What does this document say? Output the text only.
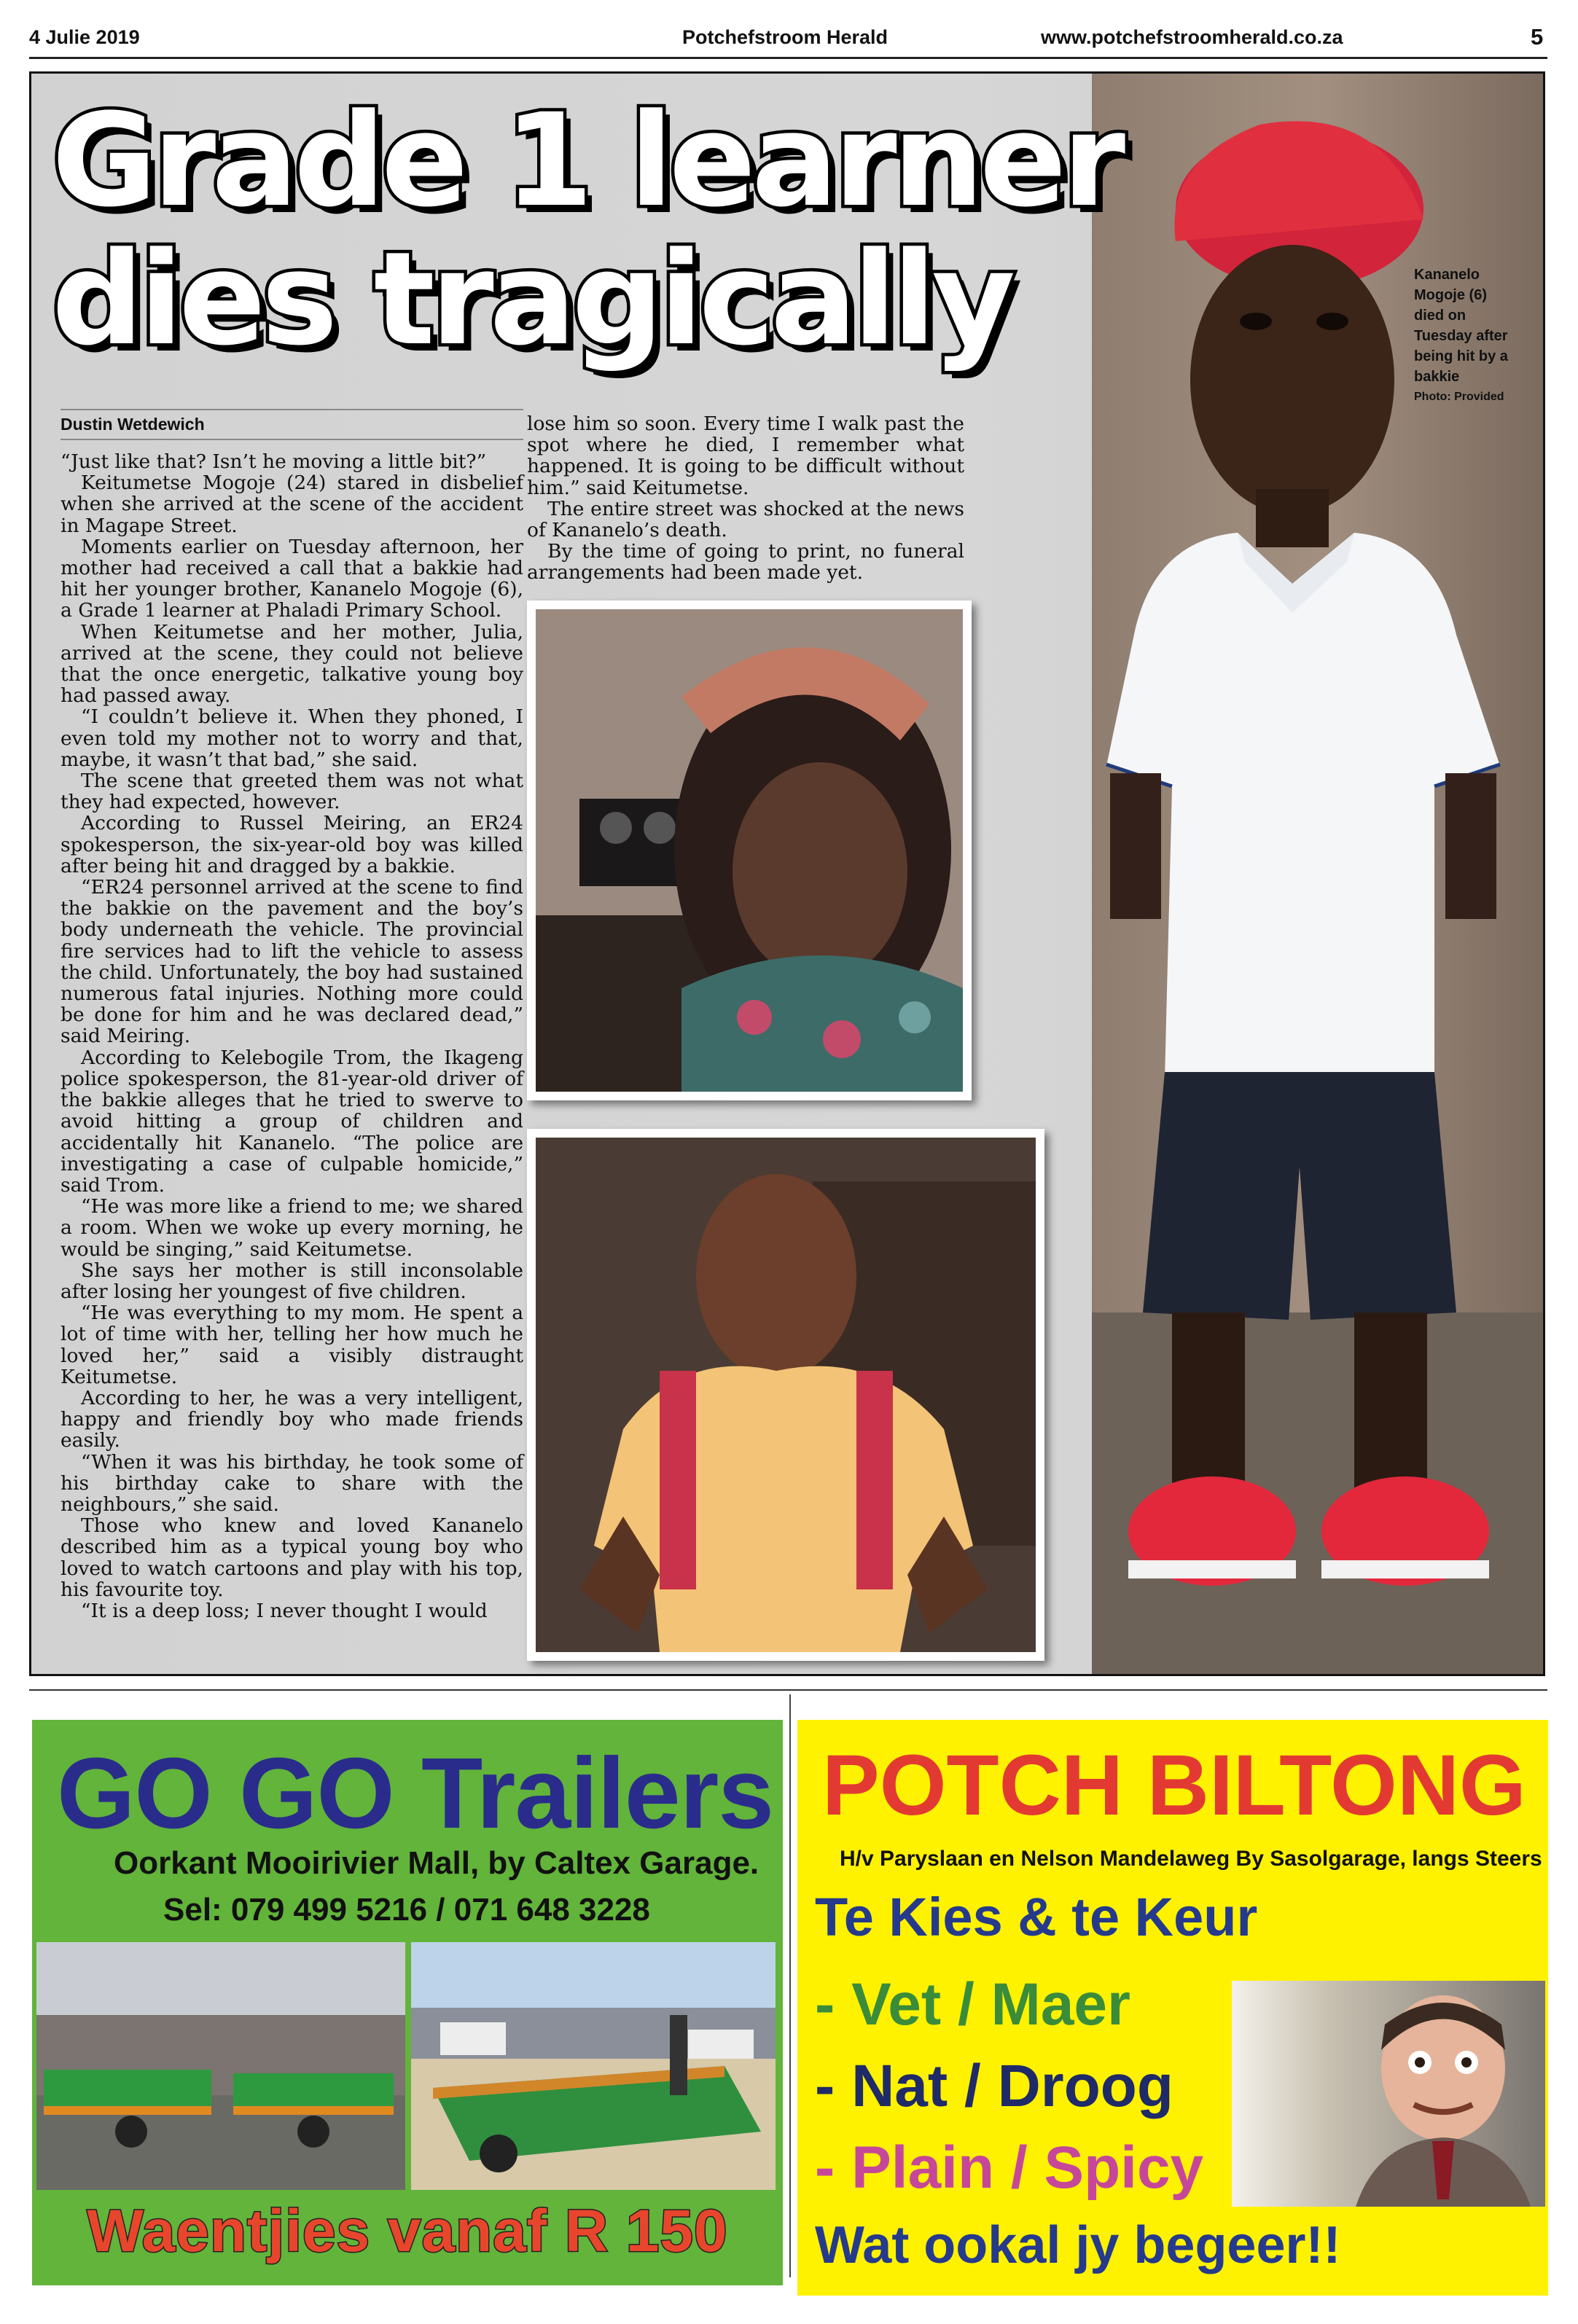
4 Julie 2019	Potchefstroom Herald	www.potchefstroomherald.co.za	5
Grade 1 learner
dies tragically
Dustin Wetdewich

“Just like that? Isn’t he moving a little bit?”

Keitumetse Mogoje (24) stared in disbelief when she arrived at the scene of the accident in Magape Street.

Moments earlier on Tuesday afternoon, her mother had received a call that a bakkie had hit her younger brother, Kananelo Mogoje (6), a Grade 1 learner at Phaladi Primary School.

When Keitumetse and her mother, Julia, arrived at the scene, they could not believe that the once energetic, talkative young boy had passed away.

“I couldn’t believe it. When they phoned, I even told my mother not to worry and that, maybe, it wasn’t that bad,” she said.

The scene that greeted them was not what they had expected, however.

According to Russel Meiring, an ER24 spokesperson, the six-year-old boy was killed after being hit and dragged by a bakkie.

“ER24 personnel arrived at the scene to find the bakkie on the pavement and the boy’s body underneath the vehicle. The provincial fire services had to lift the vehicle to assess the child. Unfortunately, the boy had sustained numerous fatal injuries. Nothing more could be done for him and he was declared dead,” said Meiring.

According to Kelebogile Trom, the Ikageng police spokesperson, the 81-year-old driver of the bakkie alleges that he tried to swerve to avoid hitting a group of children and accidentally hit Kananelo. “The police are investigating a case of culpable homicide,” said Trom.

“He was more like a friend to me; we shared a room. When we woke up every morning, he would be singing,” said Keitumetse.

She says her mother is still inconsolable after losing her youngest of five children.

“He was everything to my mom. He spent a lot of time with her, telling her how much he loved her,” said a visibly distraught Keitumetse.

According to her, he was a very intelligent, happy and friendly boy who made friends easily.

“When it was his birthday, he took some of his birthday cake to share with the neighbours,” she said.

Those who knew and loved Kananelo described him as a typical young boy who loved to watch cartoons and play with his top, his favourite toy.

“It is a deep loss; I never thought I would

lose him so soon. Every time I walk past the spot where he died, I remember what happened. It is going to be difficult without him.” said Keitumetse.

The entire street was shocked at the news of Kananelo’s death.

By the time of going to print, no funeral arrangements had been made yet.

Kananelo Mogoje (6) died on Tuesday after being hit by a bakkie
Photo: Provided
GO GO Trailers
Oorkant Mooirivier Mall, by Caltex Garage.
Sel: 079 499 5216 / 071 648 3228
Waentjies vanaf R 150
POTCH BILTONG
H/v Paryslaan en Nelson Mandelaweg By Sasolgarage, langs Steers
Te Kies & te Keur
- Vet / Maer
- Nat / Droog
- Plain / Spicy
Wat ookal jy begeer!!
